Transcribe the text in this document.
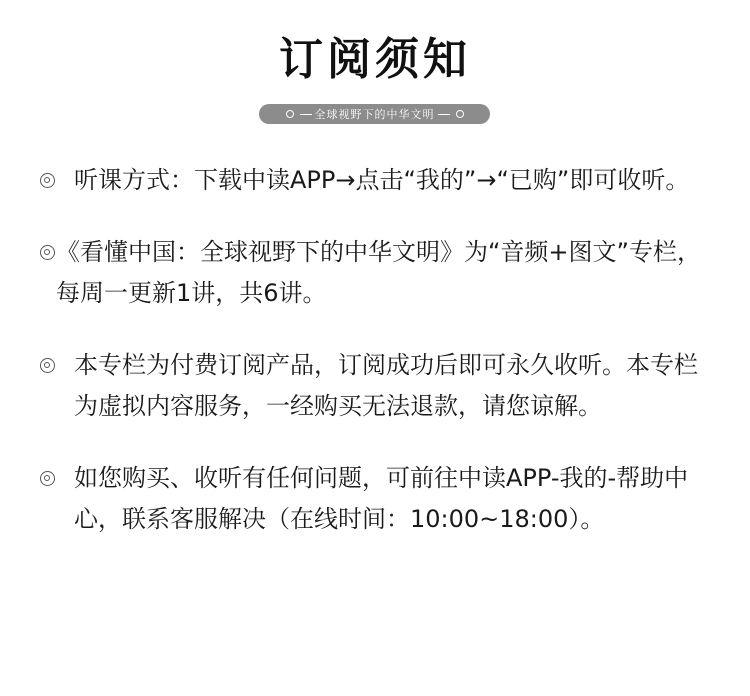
订阅须知
全球视野下的中华文明
听课方式：下载中读APP→点击“我的”→“已购”即可收听。
《看懂中国：全球视野下的中华文明》为“音频+图文”专栏，每周一更新1讲，共6讲。
本专栏为付费订阅产品，订阅成功后即可永久收听。本专栏为虚拟内容服务，一经购买无法退款，请您谅解。
如您购买、收听有任何问题，可前往中读APP-我的-帮助中心，联系客服解决（在线时间：10:00~18:00）。
